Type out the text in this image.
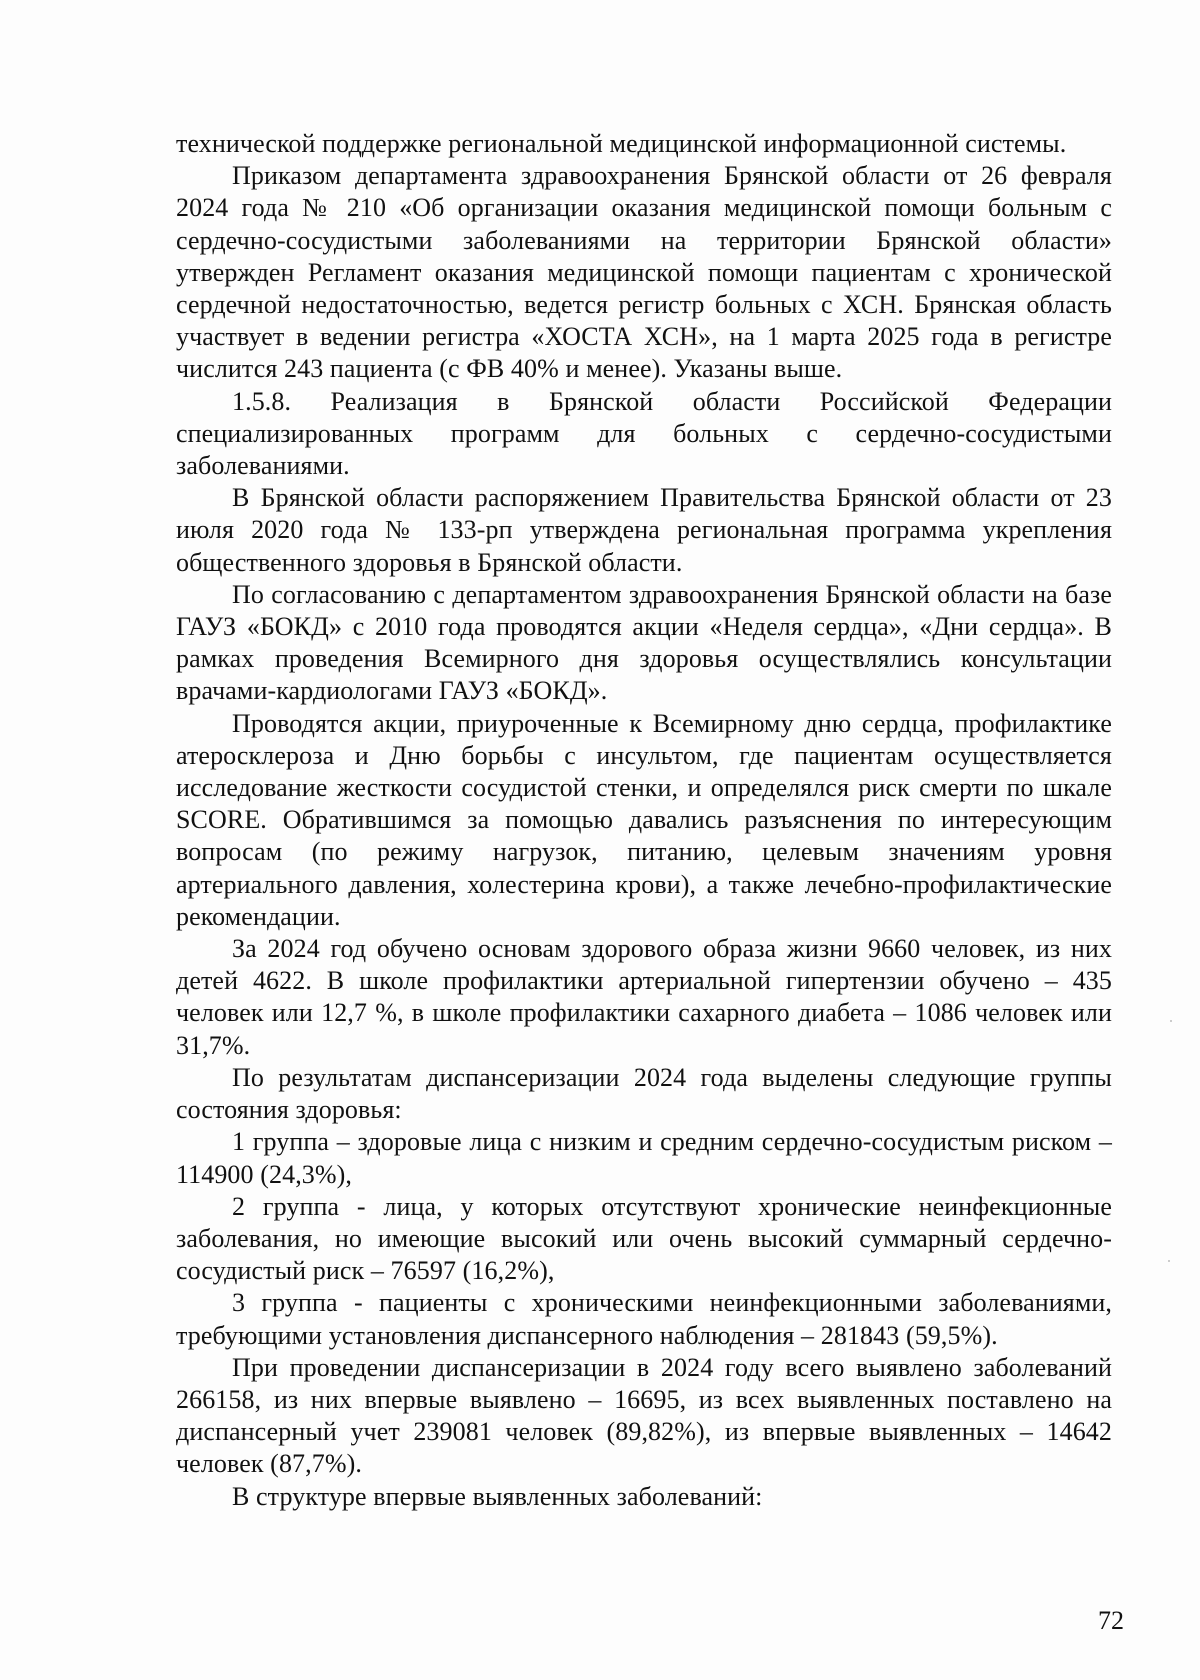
технической поддержке региональной медицинской информационной системы.

Приказом департамента здравоохранения Брянской области от 26 февраля 2024 года № 210 «Об организации оказания медицинской помощи больным с сердечно-сосудистыми заболеваниями на территории Брянской области» утвержден Регламент оказания медицинской помощи пациентам с хронической сердечной недостаточностью, ведется регистр больных с ХСН. Брянская область участвует в ведении регистра «ХОСТА ХСН», на 1 марта 2025 года в регистре числится 243 пациента (с ФВ 40% и менее). Указаны выше.

1.5.8. Реализация в Брянской области Российской Федерации специализированных программ для больных с сердечно-сосудистыми заболеваниями.

В Брянской области распоряжением Правительства Брянской области от 23 июля 2020 года № 133-рп утверждена региональная программа укрепления общественного здоровья в Брянской области.

По согласованию с департаментом здравоохранения Брянской области на базе ГАУЗ «БОКД» с 2010 года проводятся акции «Неделя сердца», «Дни сердца». В рамках проведения Всемирного дня здоровья осуществлялись консультации врачами-кардиологами ГАУЗ «БОКД».

Проводятся акции, приуроченные к Всемирному дню сердца, профилактике атеросклероза и Дню борьбы с инсультом, где пациентам осуществляется исследование жесткости сосудистой стенки, и определялся риск смерти по шкале SCORE. Обратившимся за помощью давались разъяснения по интересующим вопросам (по режиму нагрузок, питанию, целевым значениям уровня артериального давления, холестерина крови), а также лечебно-профилактические рекомендации.

За 2024 год обучено основам здорового образа жизни 9660 человек, из них детей 4622. В школе профилактики артериальной гипертензии обучено – 435 человек или 12,7 %, в школе профилактики сахарного диабета – 1086 человек или 31,7%.

По результатам диспансеризации 2024 года выделены следующие группы состояния здоровья:

1 группа – здоровые лица с низким и средним сердечно-сосудистым риском – 114900 (24,3%),

2 группа - лица, у которых отсутствуют хронические неинфекционные заболевания, но имеющие высокий или очень высокий суммарный сердечно-сосудистый риск – 76597 (16,2%),

3 группа - пациенты с хроническими неинфекционными заболеваниями, требующими установления диспансерного наблюдения – 281843 (59,5%).

При проведении диспансеризации в 2024 году всего выявлено заболеваний 266158, из них впервые выявлено – 16695, из всех выявленных поставлено на диспансерный учет 239081 человек (89,82%), из впервые выявленных – 14642 человек (87,7%).

В структуре впервые выявленных заболеваний:

72
